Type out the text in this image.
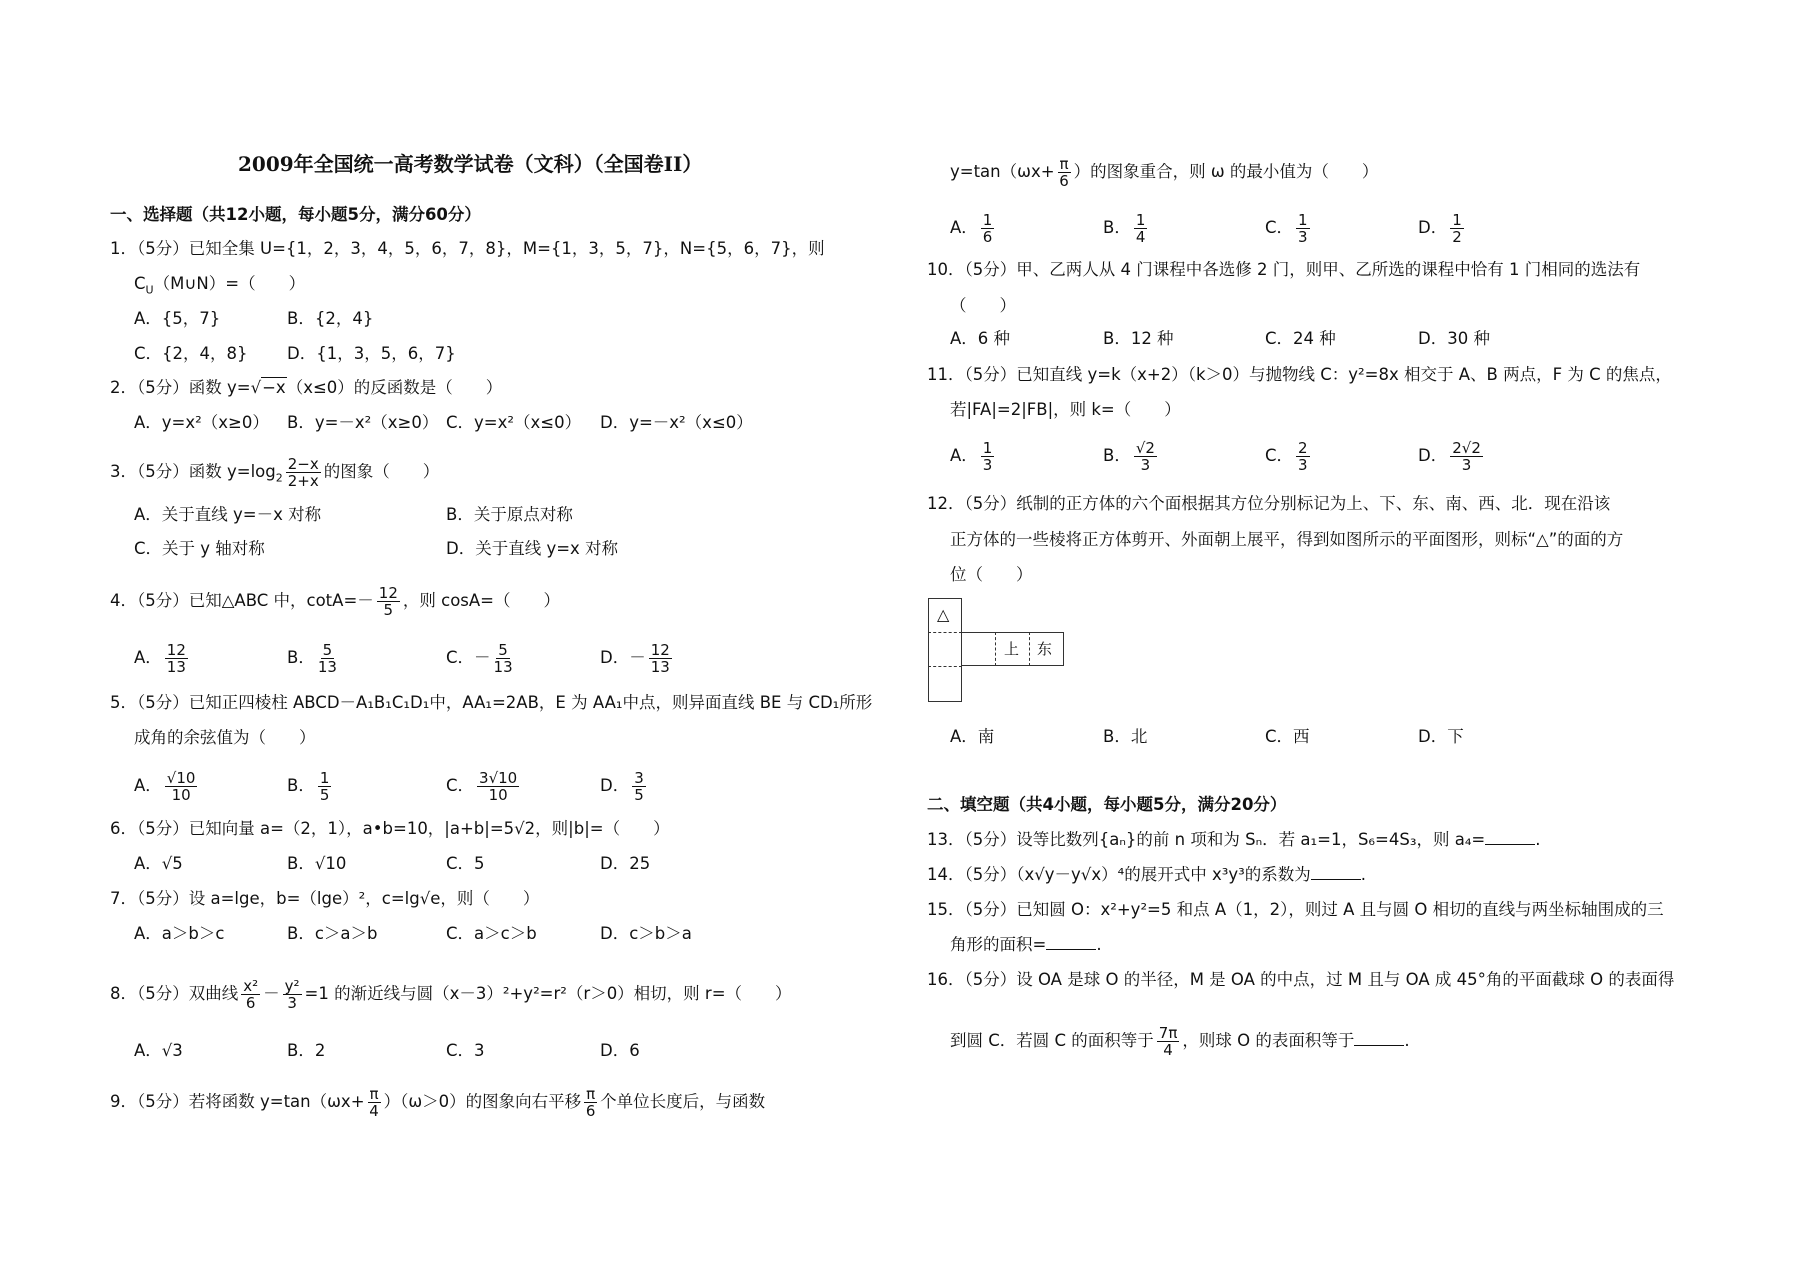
2009年全国统一高考数学试卷（文科）（全国卷II）
一、选择题（共12小题，每小题5分，满分60分）
1．（5分）已知全集 U={1，2，3，4，5，6，7，8}，M={1，3，5，7}，N={5，6，7}，则
$C_U(M\cup N)=$（　　）
A．{5，7}	B．{2，4}
C．{2，4，8} D．{1，3，5，6，7}
2．（5分）函数 y=√−x（x≤0）的反函数是（　　）
A．y=x²（x≥0） B．y=－x²（x≥0） C．y=x²（x≤0） D．y=－x²（x≤0）
3．（5分）函数 $y=\log_2 \frac{2-x}{2+x}$ 的图象（　　）
A．关于直线 y=－x 对称	B．关于原点对称
C．关于 y 轴对称	D．关于直线 y=x 对称
4．（5分）已知△ABC 中，$\cot A=- \frac{12}{5}$ ，则 cosA=（　　）
A． $\frac{12}{13}$	B． $\frac{5}{13}$	C．－ $\frac{5}{13}$	D．－ $\frac{12}{13}$
5．（5分）已知正四棱柱 ABCD－A₁B₁C₁D₁中，AA₁=2AB，E 为 AA₁中点，则异面直线 BE 与 CD₁所形
成角的余弦值为（　　）
A． $\frac{√10}{10}$	B． $\frac{1}{5}$	C． $\frac{3√10}{10}$	D． $\frac{3}{5}$
6．（5分）已知向量 a=（2，1），a•b=10，|a+b|=5√2，则|b|=（　　）
A．√5	B．√10	C．5	D．25
7．（5分）设 a=lge，b=（lge）²，c=lg√e，则（　　）
A．a＞b＞c	B．c＞a＞b	C．a＞c＞b	D．c＞b＞a
8．（5分）双曲线 $\frac{\text{x²}}{6} - \frac{\text{y²}}{3} =1$ 的渐近线与圆（x－3）²+y²=r²（r＞0）相切，则 r=（　　）
A．√3	B．2	C．3	D．6
9．（5分）若将函数 $y=\tan(\omega x+ \frac{\pi}{4} )(\omega>0)$的图象向右平移 $\frac{\pi}{6}$ 个单位长度后，与函数
$y=\tan(\omega x+ \frac{\pi}{6}$ ）的图象重合，则 ω 的最小值为（　　）
A． $\frac{1}{6}$	B． $\frac{1}{4}$	C． $\frac{1}{3}$	D． $\frac{1}{2}$
10．（5分）甲、乙两人从 4 门课程中各选修 2 门，则甲、乙所选的课程中恰有 1 门相同的选法有
（　　）
A．6 种	B．12 种	C．24 种	D．30 种
11．（5分）已知直线 y=k（x+2）（k＞0）与抛物线 C：y²=8x 相交于 A、B 两点，F 为 C 的焦点，
若|FA|=2|FB|，则 k=（　　）
A． $\frac{1}{3}$	B． $\frac{√2}{3}$	C． $\frac{2}{3}$	D． $\frac{2√2}{3}$
12．（5分）纸制的正方体的六个面根据其方位分别标记为上、下、东、南、西、北．现在沿该
正方体的一些棱将正方体剪开、外面朝上展平，得到如图所示的平面图形，则标“△”的面的方
位（　　）
△
上 东
A．南	B．北	C．西	D．下
二、填空题（共4小题，每小题5分，满分20分）
13．（5分）设等比数列{aₙ}的前 n 项和为 Sₙ．若 a₁=1，S₆=4S₃，则 a₄=	.
14．（5分）（x√y－y√x）⁴的展开式中 x³y³的系数为	.
15．（5分）已知圆 O：x²+y²=5 和点 A（1，2），则过 A 且与圆 O 相切的直线与两坐标轴围成的三
角形的面积=	.
16．（5分）设 OA 是球 O 的半径，M 是 OA 的中点，过 M 且与 OA 成 45°角的平面截球 O 的表面得
到圆 C．若圆 C 的面积等于 $\frac{7\pi}{4}$ ，则球 O 的表面积等于	.
